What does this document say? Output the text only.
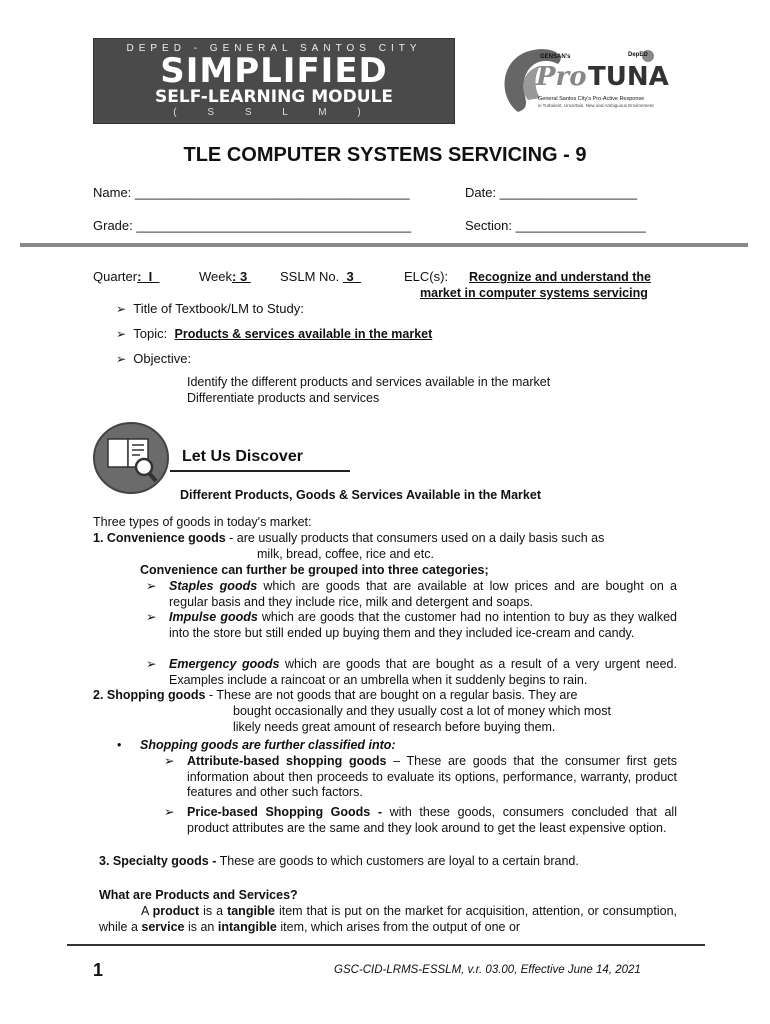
DEPED - GENERAL SANTOS CITY
SIMPLIFIED
SELF-LEARNING MODULE
( S S L M )
GENSAN's	DepED
Pro TUNA
General Santos City's Pro-Active Response
in Turbulent, Uncertain, New and Ambiguous Environment
TLE COMPUTER SYSTEMS SERVICING - 9
Name: ______________________________________	Date: ___________________
Grade: ______________________________________	Section: __________________
Quarter:  I	Week: 3 SSLM No.  3	ELC(s): Recognize and understand the
market in computer systems servicing
➢ Title of Textbook/LM to Study:
➢ Topic: Products & services available in the market
➢ Objective:
Identify the different products and services available in the market
Differentiate products and services
Let Us Discover
Different Products, Goods & Services Available in the Market
Three types of goods in today's market:
1. Convenience goods - are usually products that consumers used on a daily basis such as
milk, bread, coffee, rice and etc.
Convenience can further be grouped into three categories;
➢ Staples goods which are goods that are available at low prices and are bought on a regular basis and they include rice, milk and detergent and soaps.
➢ Impulse goods which are goods that the customer had no intention to buy as they walked into the store but still ended up buying them and they included ice-cream and candy.
➢ Emergency goods which are goods that are bought as a result of a very urgent need. Examples include a raincoat or an umbrella when it suddenly begins to rain.
2. Shopping goods - These are not goods that are bought on a regular basis. They are
bought occasionally and they usually cost a lot of money which most
likely needs great amount of research before buying them.
• Shopping goods are further classified into:
➢ Attribute-based shopping goods – These are goods that the consumer first gets information about then proceeds to evaluate its options, performance, warranty, product features and other such factors.
➢ Price-based Shopping Goods - with these goods, consumers concluded that all product attributes are the same and they look around to get the least expensive option.
3. Specialty goods - These are goods to which customers are loyal to a certain brand.
What are Products and Services?
A product is a tangible item that is put on the market for acquisition, attention, or consumption, while a service is an intangible item, which arises from the output of one or
1	GSC-CID-LRMS-ESSLM, v.r. 03.00, Effective June 14, 2021
